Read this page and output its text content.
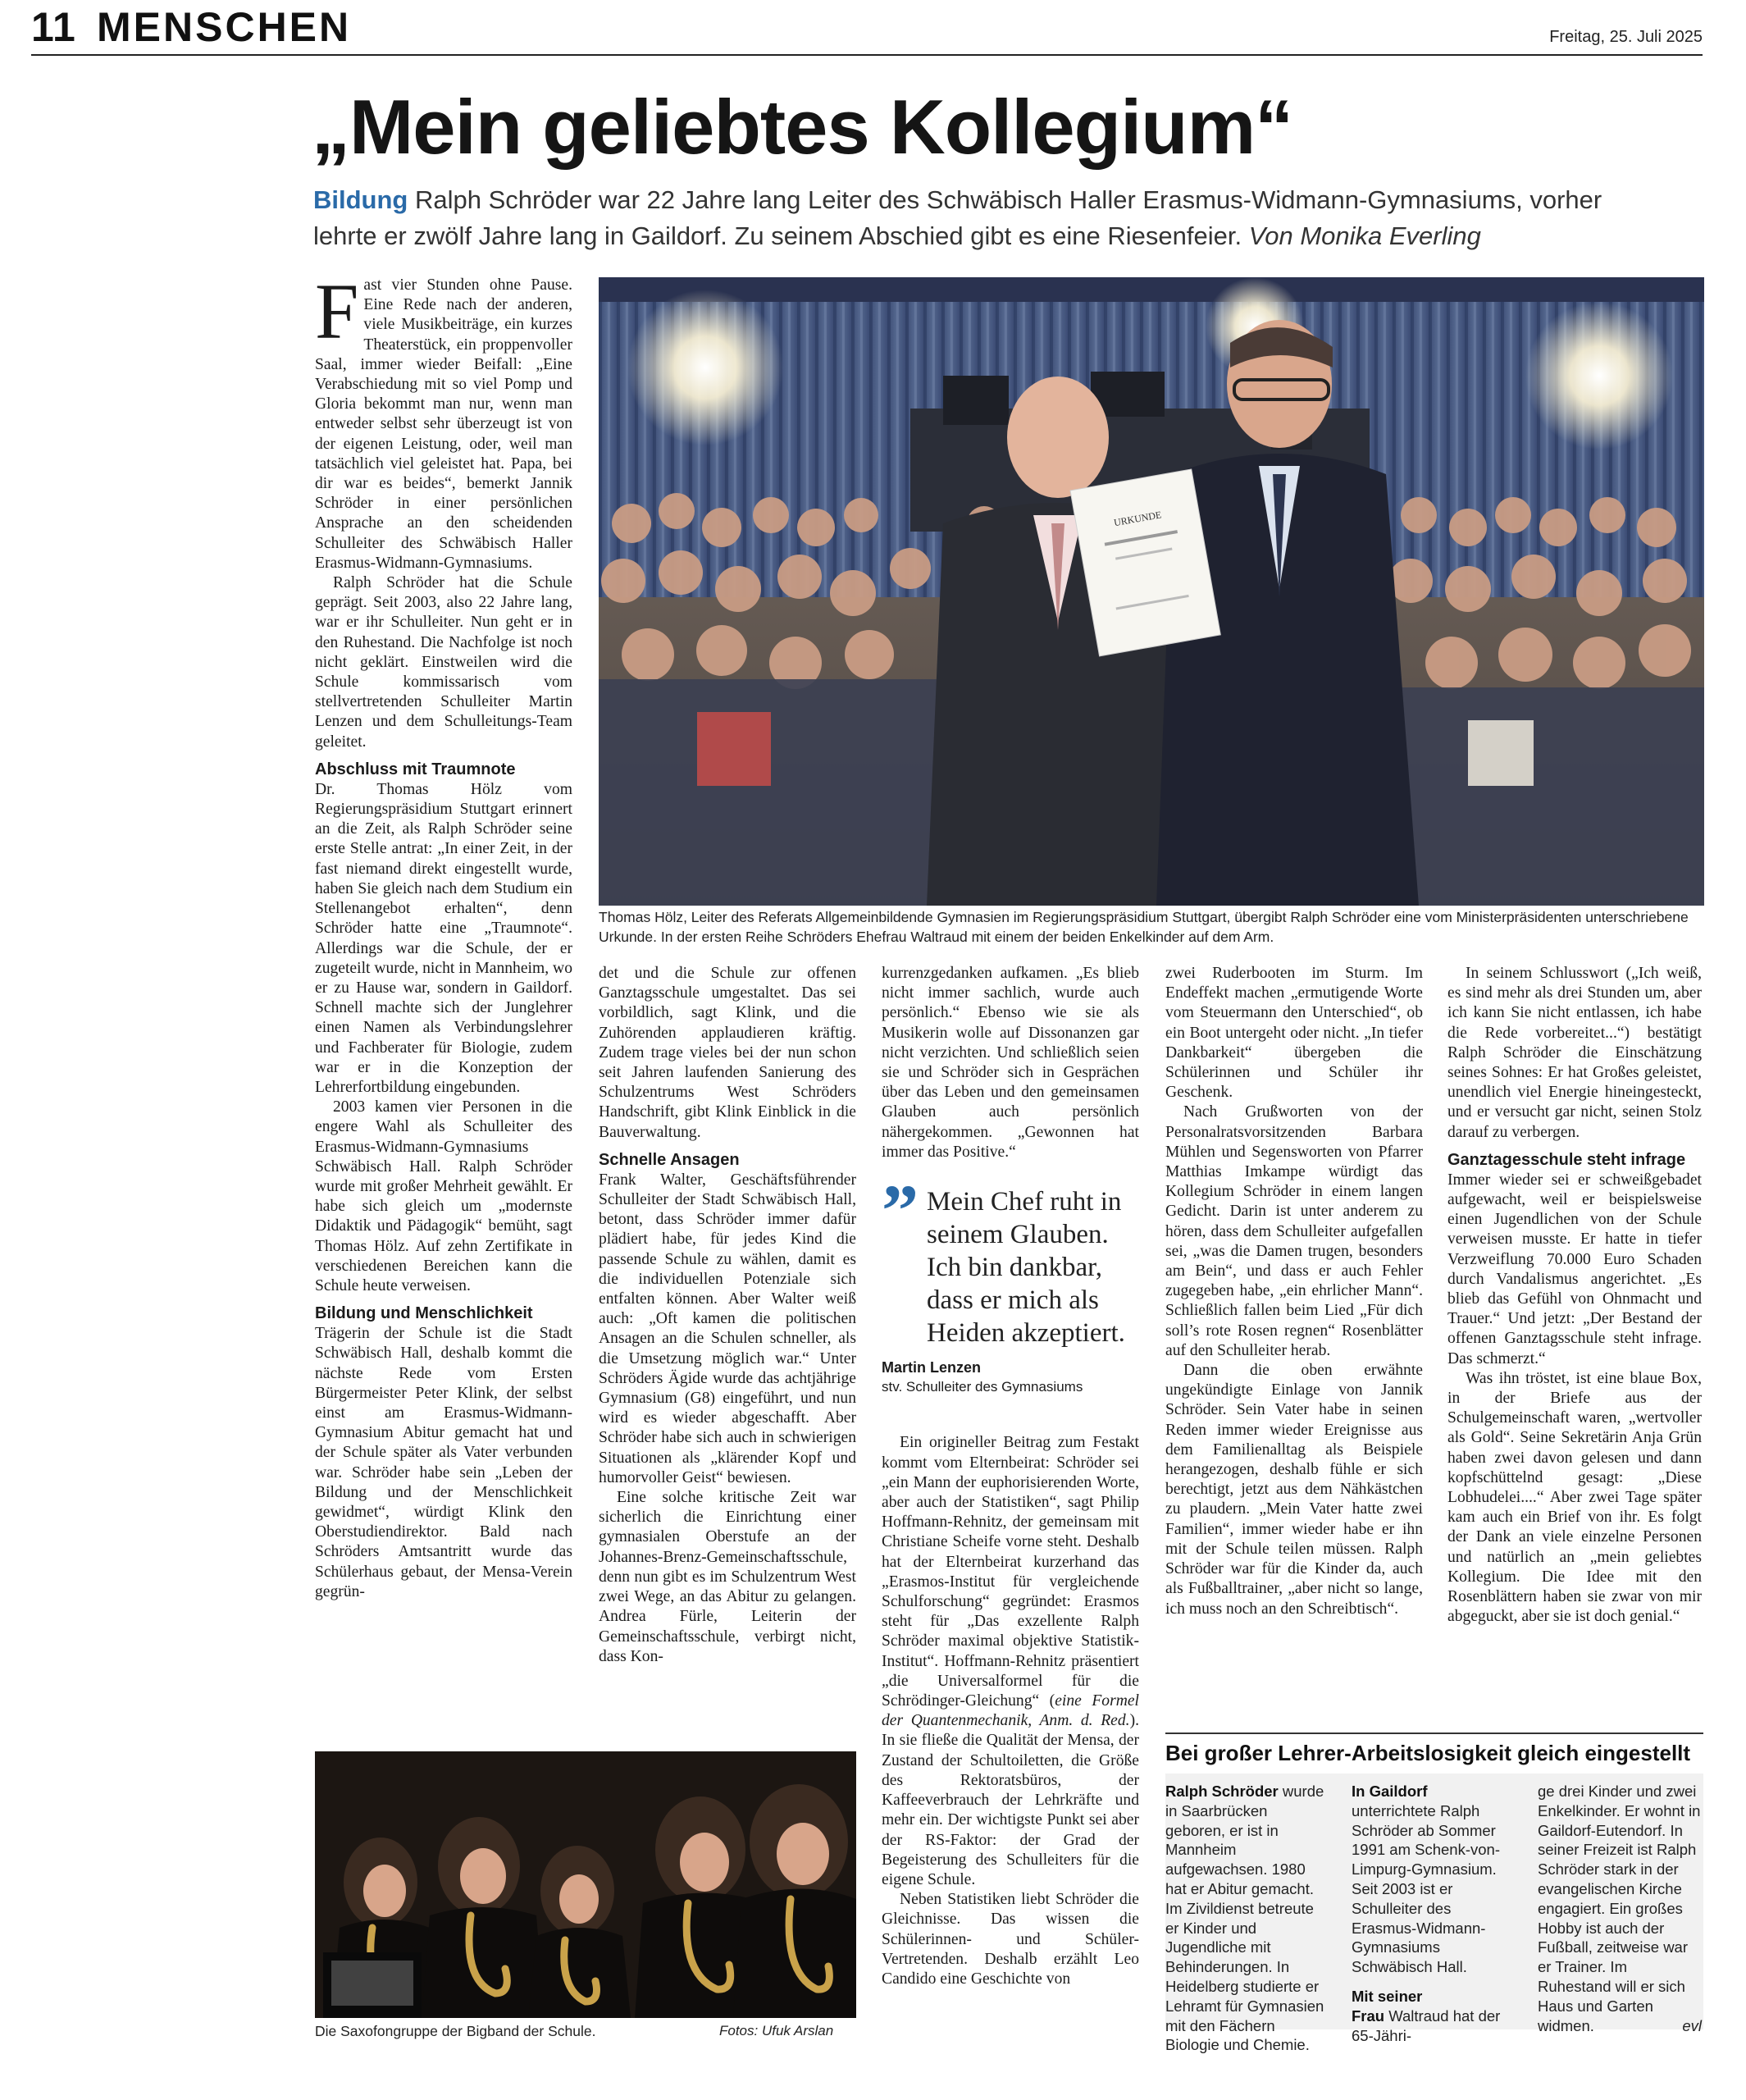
11 MENSCHEN	Freitag, 25. Juli 2025
„Mein geliebtes Kollegium“
Bildung Ralph Schröder war 22 Jahre lang Leiter des Schwäbisch Haller Erasmus-Widmann-Gymnasiums, vorher lehrte er zwölf Jahre lang in Gaildorf. Zu seinem Abschied gibt es eine Riesenfeier. Von Monika Everling
URKUNDE
Thomas Hölz, Leiter des Referats Allgemeinbildende Gymnasien im Regierungspräsidium Stuttgart, übergibt Ralph Schröder eine vom Ministerpräsidenten unterschriebene Urkunde. In der ersten Reihe Schröders Ehefrau Waltraud mit einem der beiden Enkelkinder auf dem Arm.
F ast vier Stunden ohne Pause. Eine Rede nach der anderen, viele Musikbeiträge, ein kurzes Theaterstück, ein proppenvoller Saal, immer wieder Beifall: „Eine Verabschiedung mit so viel Pomp und Gloria bekommt man nur, wenn man entweder selbst sehr überzeugt ist von der eigenen Leistung, oder, weil man tatsächlich viel geleistet hat. Papa, bei dir war es beides“, bemerkt Jannik Schröder in einer persönlichen Ansprache an den scheidenden Schulleiter des Schwäbisch Haller Erasmus-Widmann-Gymnasiums.

Ralph Schröder hat die Schule geprägt. Seit 2003, also 22 Jahre lang, war er ihr Schulleiter. Nun geht er in den Ruhestand. Die Nachfolge ist noch nicht geklärt. Einstweilen wird die Schule kommissarisch vom stellvertretenden Schulleiter Martin Lenzen und dem Schulleitungs-Team geleitet.

Abschluss mit Traumnote

Dr. Thomas Hölz vom Regierungspräsidium Stuttgart erinnert an die Zeit, als Ralph Schröder seine erste Stelle antrat: „In einer Zeit, in der fast niemand direkt eingestellt wurde, haben Sie gleich nach dem Studium ein Stellenangebot erhalten“, denn Schröder hatte eine „Traumnote“. Allerdings war die Schule, der er zugeteilt wurde, nicht in Mannheim, wo er zu Hause war, sondern in Gaildorf. Schnell machte sich der Junglehrer einen Namen als Verbindungslehrer und Fachberater für Biologie, zudem war er in die Konzeption der Lehrerfortbildung eingebunden.

2003 kamen vier Personen in die engere Wahl als Schulleiter des Erasmus-Widmann-Gymnasiums Schwäbisch Hall. Ralph Schröder wurde mit großer Mehrheit gewählt. Er habe sich gleich um „modernste Didaktik und Pädagogik“ bemüht, sagt Thomas Hölz. Auf zehn Zertifikate in verschiedenen Bereichen kann die Schule heute verweisen.

Bildung und Menschlichkeit

Trägerin der Schule ist die Stadt Schwäbisch Hall, deshalb kommt die nächste Rede vom Ersten Bürgermeister Peter Klink, der selbst einst am Erasmus-Widmann-Gymnasium Abitur gemacht hat und der Schule später als Vater verbunden war. Schröder habe sein „Leben der Bildung und der Menschlichkeit gewidmet“, würdigt Klink den Oberstudiendirektor. Bald nach Schröders Amtsantritt wurde das Schülerhaus gebaut, der Mensa-Verein gegrün-

det und die Schule zur offenen Ganztagsschule umgestaltet. Das sei vorbildlich, sagt Klink, und die Zuhörenden applaudieren kräftig. Zudem trage vieles bei der nun schon seit Jahren laufenden Sanierung des Schulzentrums West Schröders Handschrift, gibt Klink Einblick in die Bauverwaltung.

Schnelle Ansagen

Frank Walter, Geschäftsführender Schulleiter der Stadt Schwäbisch Hall, betont, dass Schröder immer dafür plädiert habe, für jedes Kind die passende Schule zu wählen, damit es die individuellen Potenziale sich entfalten können. Aber Walter weiß auch: „Oft kamen die politischen Ansagen an die Schulen schneller, als die Umsetzung möglich war.“ Unter Schröders Ägide wurde das achtjährige Gymnasium (G8) eingeführt, und nun wird es wieder abgeschafft. Aber Schröder habe sich auch in schwierigen Situationen als „klärender Kopf und humorvoller Geist“ bewiesen.

Eine solche kritische Zeit war sicherlich die Einrichtung einer gymnasialen Oberstufe an der Johannes-Brenz-Gemeinschaftsschule, denn nun gibt es im Schulzentrum West zwei Wege, an das Abitur zu gelangen. Andrea Fürle, Leiterin der Gemeinschaftsschule, verbirgt nicht, dass Kon-

kurrenzgedanken aufkamen. „Es blieb nicht immer sachlich, wurde auch persönlich.“ Ebenso wie sie als Musikerin wolle auf Dissonanzen gar nicht verzichten. Und schließlich seien sie und Schröder sich in Gesprächen über das Leben und den gemeinsamen Glauben auch persönlich nähergekommen. „Gewonnen hat immer das Positive.“

” Mein Chef ruht in seinem Glauben. Ich bin dankbar, dass er mich als Heiden akzeptiert.
Martin Lenzen
stv. Schulleiter des Gymnasiums

Ein origineller Beitrag zum Festakt kommt vom Elternbeirat: Schröder sei „ein Mann der euphorisierenden Worte, aber auch der Statistiken“, sagt Philip Hoffmann-Rehnitz, der gemeinsam mit Christiane Scheife vorne steht. Deshalb hat der Elternbeirat kurzerhand das „Erasmos-Institut für vergleichende Schulforschung“ gegründet: Erasmos steht für „Das exzellente Ralph Schröder maximal objektive Statistik-Institut“. Hoffmann-Rehnitz präsentiert „die Universalformel für die Schrödinger-Gleichung“ (eine Formel der Quantenmechanik, Anm. d. Red.). In sie fließe die Qualität der Mensa, der Zustand der Schultoiletten, die Größe des Rektoratsbüros, der Kaffeeverbrauch der Lehrkräfte und mehr ein. Der wichtigste Punkt sei aber der RS-Faktor: der Grad der Begeisterung des Schulleiters für die eigene Schule.

Neben Statistiken liebt Schröder die Gleichnisse. Das wissen die Schülerinnen- und Schüler-Vertretenden. Deshalb erzählt Leo Candido eine Geschichte von

zwei Ruderbooten im Sturm. Im Endeffekt machen „ermutigende Worte vom Steuermann den Unterschied“, ob ein Boot untergeht oder nicht. „In tiefer Dankbarkeit“ übergeben die Schülerinnen und Schüler ihr Geschenk.

Nach Grußworten von der Personalratsvorsitzenden Barbara Mühlen und Segensworten von Pfarrer Matthias Imkampe würdigt das Kollegium Schröder in einem langen Gedicht. Darin ist unter anderem zu hören, dass dem Schulleiter aufgefallen sei, „was die Damen trugen, besonders am Bein“, und dass er auch Fehler zugegeben habe, „ein ehrlicher Mann“. Schließlich fallen beim Lied „Für dich soll’s rote Rosen regnen“ Rosenblätter auf den Schulleiter herab.

Dann die oben erwähnte ungekündigte Einlage von Jannik Schröder. Sein Vater habe in seinen Reden immer wieder Ereignisse aus dem Familienalltag als Beispiele herangezogen, deshalb fühle er sich berechtigt, jetzt aus dem Nähkästchen zu plaudern. „Mein Vater hatte zwei Familien“, immer wieder habe er ihn mit der Schule teilen müssen. Ralph Schröder war für die Kinder da, auch als Fußballtrainer, „aber nicht so lange, ich muss noch an den Schreibtisch“.

In seinem Schlusswort („Ich weiß, es sind mehr als drei Stunden um, aber ich kann Sie nicht entlassen, ich habe die Rede vorbereitet...“) bestätigt Ralph Schröder die Einschätzung seines Sohnes: Er hat Großes geleistet, unendlich viel Energie hineingesteckt, und er versucht gar nicht, seinen Stolz darauf zu verbergen.

Ganztagesschule steht infrage

Immer wieder sei er schweißgebadet aufgewacht, weil er beispielsweise einen Jugendlichen von der Schule verweisen musste. Er hatte in tiefer Verzweiflung 70.000 Euro Schaden durch Vandalismus angerichtet. „Es blieb das Gefühl von Ohnmacht und Trauer.“ Und jetzt: „Der Bestand der offenen Ganztagsschule steht infrage. Das schmerzt.“

Was ihn tröstet, ist eine blaue Box, in der Briefe aus der Schulgemeinschaft waren, „wertvoller als Gold“. Seine Sekretärin Anja Grün haben zwei davon gelesen und dann kopfschüttelnd gesagt: „Diese Lobhudelei....“ Aber zwei Tage später kam auch ein Brief von ihr. Es folgt der Dank an viele einzelne Personen und natürlich an „mein geliebtes Kollegium. Die Idee mit den Rosenblättern haben sie zwar von mir abgeguckt, aber sie ist doch genial.“

Die Saxofongruppe der Bigband der Schule.	Fotos: Ufuk Arslan
Bei großer Lehrer-Arbeitslosigkeit gleich eingestellt
Ralph Schröder wurde in Saarbrücken geboren, er ist in Mannheim aufgewachsen. 1980 hat er Abitur gemacht. Im Zivildienst betreute er Kinder und Jugendliche mit Behinderungen. In Heidelberg studierte er Lehramt für Gymnasien mit den Fächern Biologie und Chemie.
In Gaildorf unterrichtete Ralph Schröder ab Sommer 1991 am Schenk-von-Limpurg-Gymnasium. Seit 2003 ist er Schulleiter des Erasmus-Widmann-Gymnasiums Schwäbisch Hall.
Mit seiner Frau Waltraud hat der 65-Jähri-
ge drei Kinder und zwei Enkelkinder. Er wohnt in Gaildorf-Eutendorf. In seiner Freizeit ist Ralph Schröder stark in der evangelischen Kirche engagiert. Ein großes Hobby ist auch der Fußball, zeitweise war er Trainer. Im Ruhestand will er sich Haus und Garten widmen.	evl
